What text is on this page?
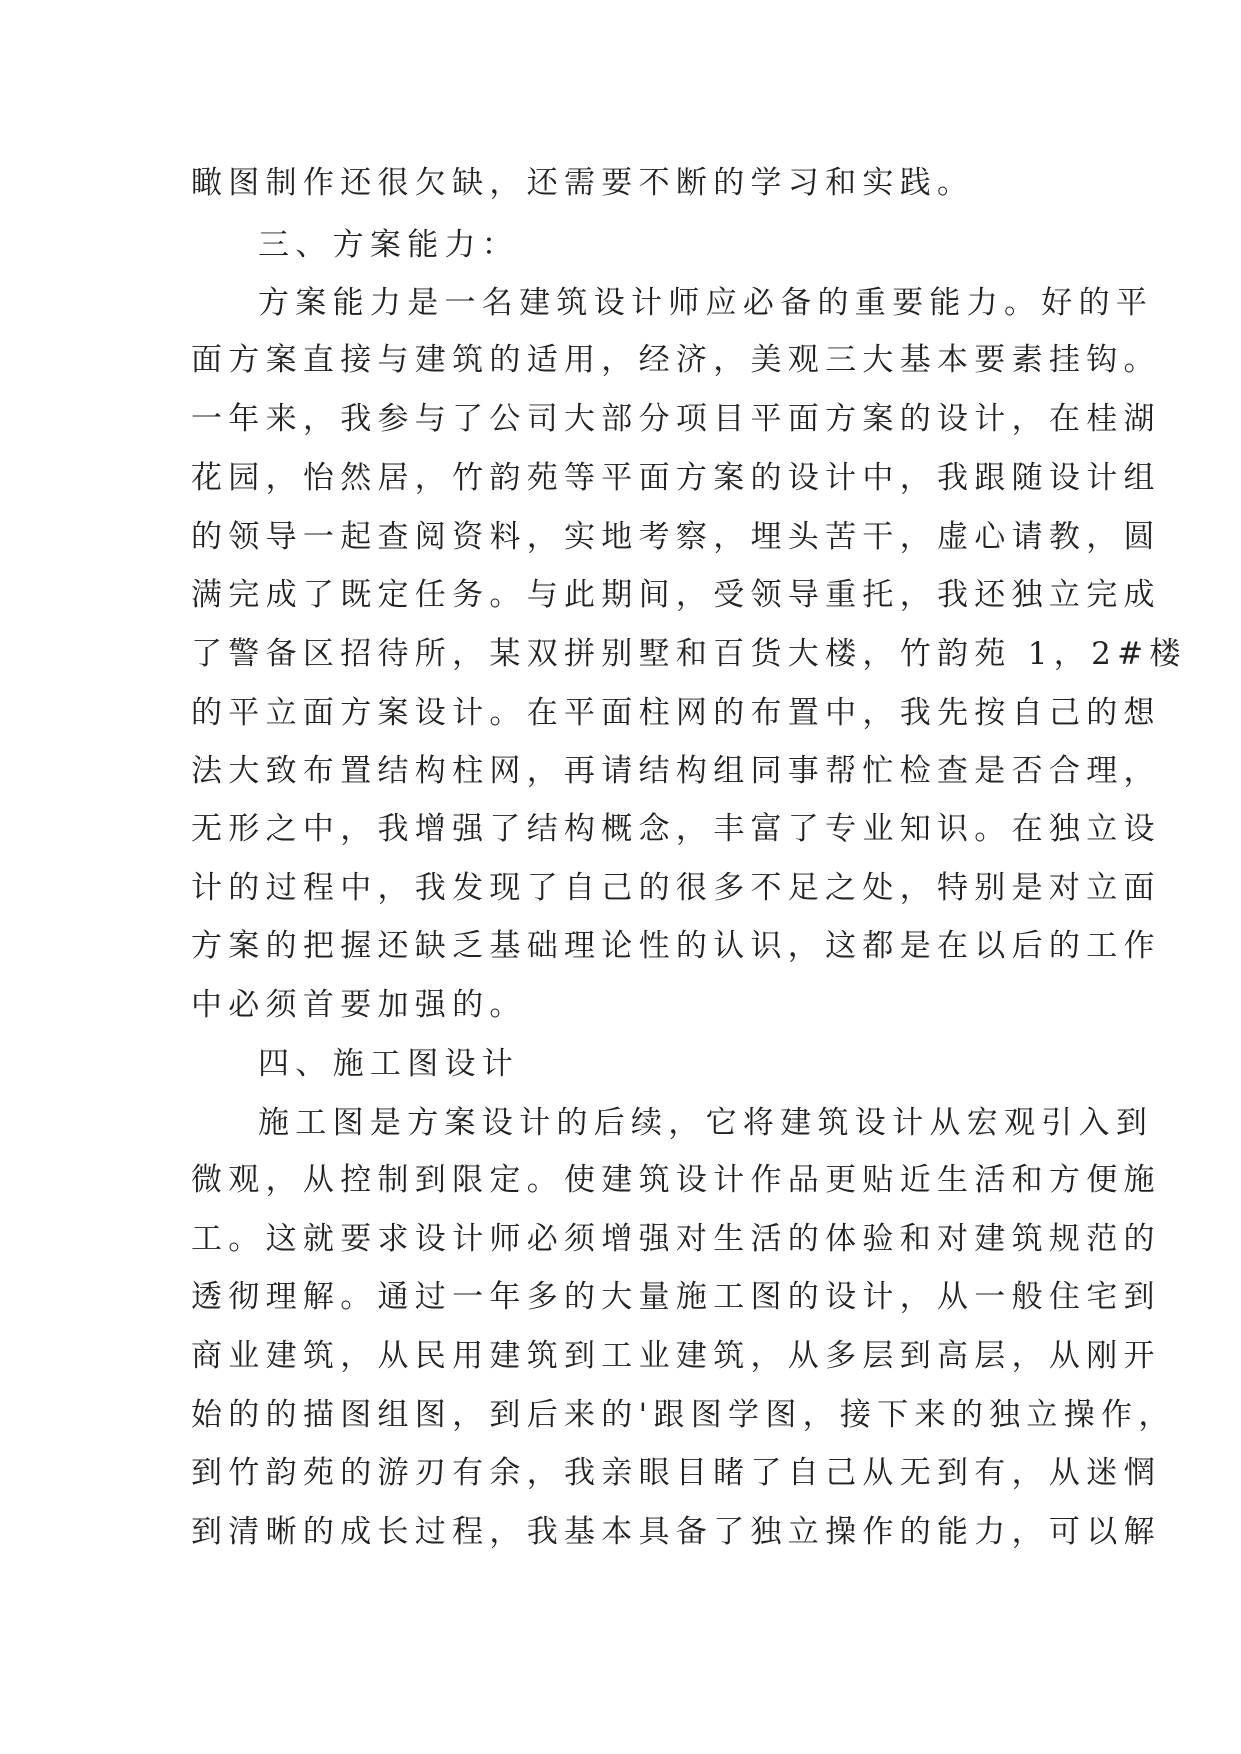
瞰图制作还很欠缺，还需要不断的学习和实践。
三、方案能力：
方案能力是一名建筑设计师应必备的重要能力。好的平
面方案直接与建筑的适用，经济，美观三大基本要素挂钩。
一年来，我参与了公司大部分项目平面方案的设计，在桂湖
花园，怡然居，竹韵苑等平面方案的设计中，我跟随设计组
的领导一起查阅资料，实地考察，埋头苦干，虚心请教，圆
满完成了既定任务。与此期间，受领导重托，我还独立完成
了警备区招待所，某双拼别墅和百货大楼，竹韵苑 1，2#楼
的平立面方案设计。在平面柱网的布置中，我先按自己的想
法大致布置结构柱网，再请结构组同事帮忙检查是否合理，
无形之中，我增强了结构概念，丰富了专业知识。在独立设
计的过程中，我发现了自己的很多不足之处，特别是对立面
方案的把握还缺乏基础理论性的认识，这都是在以后的工作
中必须首要加强的。
四、施工图设计
施工图是方案设计的后续，它将建筑设计从宏观引入到
微观，从控制到限定。使建筑设计作品更贴近生活和方便施
工。这就要求设计师必须增强对生活的体验和对建筑规范的
透彻理解。通过一年多的大量施工图的设计，从一般住宅到
商业建筑，从民用建筑到工业建筑，从多层到高层，从刚开
始的的描图组图，到后来的'跟图学图，接下来的独立操作，
到竹韵苑的游刃有余，我亲眼目睹了自己从无到有，从迷惘
到清晰的成长过程，我基本具备了独立操作的能力，可以解
